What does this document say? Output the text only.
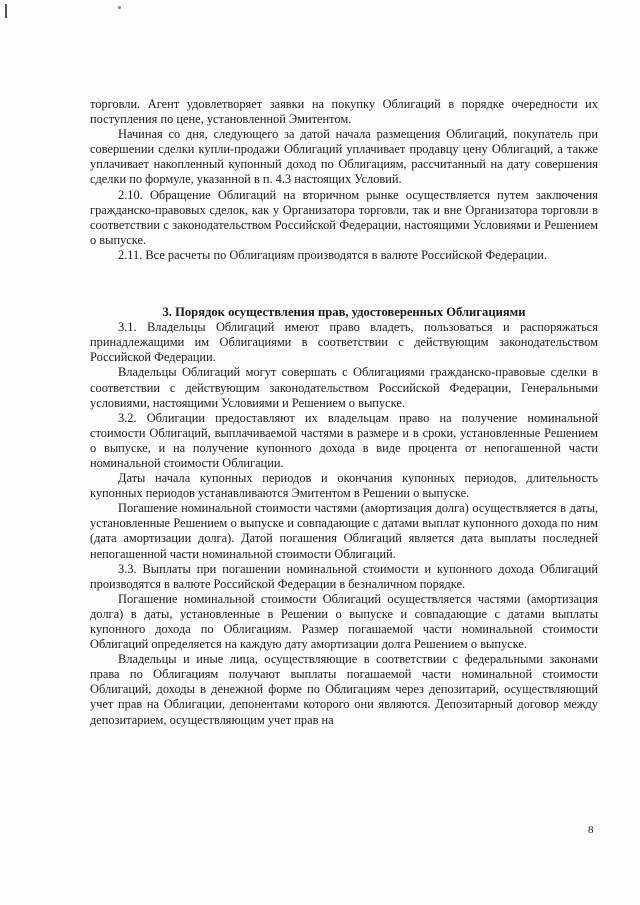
торговли. Агент удовлетворяет заявки на покупку Облигаций в порядке очередности их поступления по цене, установленной Эмитентом.

Начиная со дня, следующего за датой начала размещения Облигаций, покупатель при совершении сделки купли-продажи Облигаций уплачивает продавцу цену Облигаций, а также уплачивает накопленный купонный доход по Облигациям, рассчитанный на дату совершения сделки по формуле, указанной в п. 4.3 настоящих Условий.

2.10. Обращение Облигаций на вторичном рынке осуществляется путем заключения гражданско-правовых сделок, как у Организатора торговли, так и вне Организатора торговли в соответствии с законодательством Российской Федерации, настоящими Условиями и Решением о выпуске.

2.11. Все расчеты по Облигациям производятся в валюте Российской Федерации.

3. Порядок осуществления прав, удостоверенных Облигациями

3.1. Владельцы Облигаций имеют право владеть, пользоваться и распоряжаться принадлежащими им Облигациями в соответствии с действующим законодательством Российской Федерации.

Владельцы Облигаций могут совершать с Облигациями гражданско-правовые сделки в соответствии с действующим законодательством Российской Федерации, Генеральными условиями, настоящими Условиями и Решением о выпуске.

3.2. Облигации предоставляют их владельцам право на получение номинальной стоимости Облигаций, выплачиваемой частями в размере и в сроки, установленные Решением о выпуске, и на получение купонного дохода в виде процента от непогашенной части номинальной стоимости Облигации.

Даты начала купонных периодов и окончания купонных периодов, длительность купонных периодов устанавливаются Эмитентом в Решении о выпуске.

Погашение номинальной стоимости частями (амортизация долга) осуществляется в даты, установленные Решением о выпуске и совпадающие с датами выплат купонного дохода по ним (дата амортизации долга). Датой погашения Облигаций является дата выплаты последней непогашенной части номинальной стоимости Облигаций.

3.3. Выплаты при погашении номинальной стоимости и купонного дохода Облигаций производятся в валюте Российской Федерации в безналичном порядке.

Погашение номинальной стоимости Облигаций осуществляется частями (амортизация долга) в даты, установленные в Решении о выпуске и совпадающие с датами выплаты купонного дохода по Облигациям. Размер погашаемой части номинальной стоимости Облигаций определяется на каждую дату амортизации долга Решением о выпуске.

Владельцы и иные лица, осуществляющие в соответствии с федеральными законами права по Облигациям получают выплаты погашаемой части номинальной стоимости Облигаций, доходы в денежной форме по Облигациям через депозитарий, осуществляющий учет прав на Облигации, депонентами которого они являются. Депозитарный договор между депозитарием, осуществляющим учет прав на

8
